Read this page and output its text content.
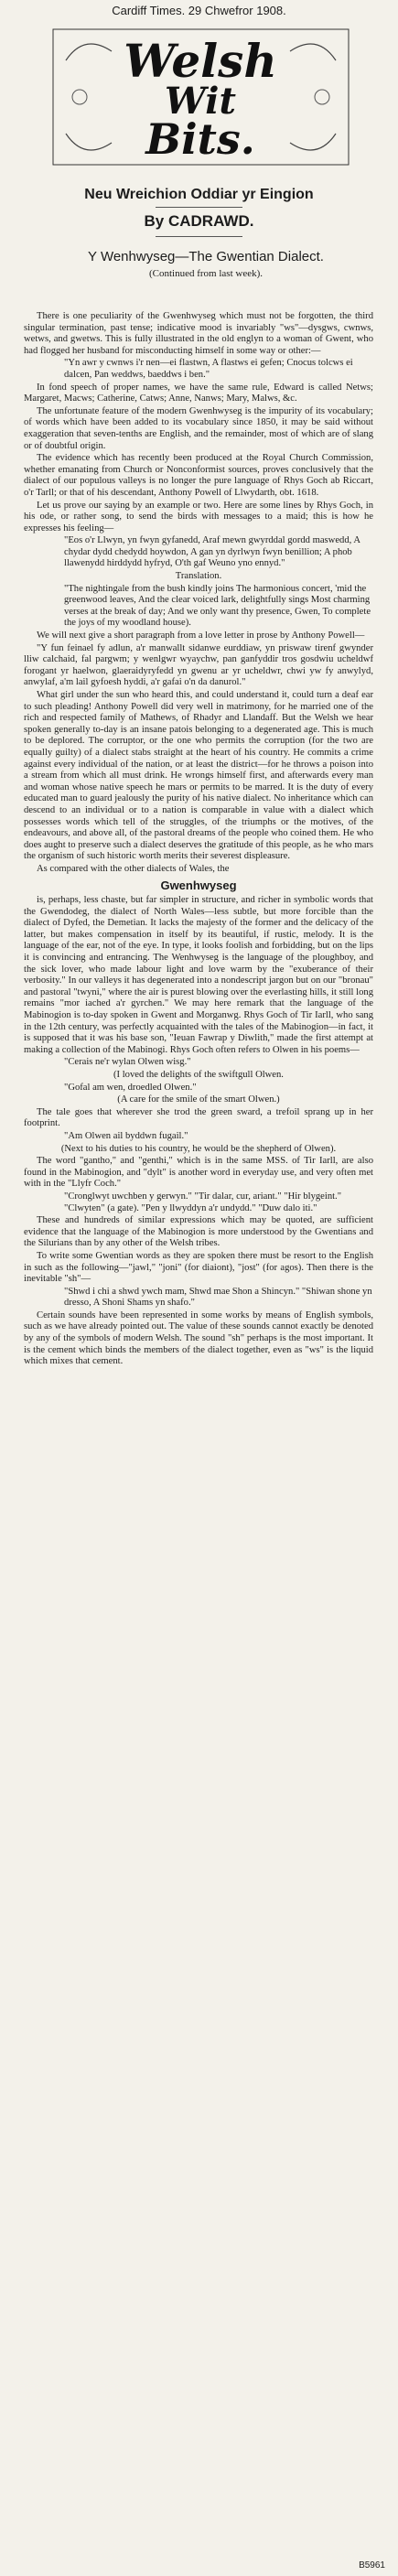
Cardiff Times. 29 Chwefror 1908.
Welsh
Wit
Bits.
Neu Wreichion Oddiar yr Eingion
By CADRAWD.
Y Wenhwyseg—The Gwentian Dialect.
(Continued from last week).

There is one peculiarity of the Gwenhwyseg which must not be forgotten, the third singular termination, past tense; indicative mood is invariably "ws"—dysgws, cwnws, wetws, and gwetws. This is fully illustrated in the old englyn to a woman of Gwent, who had flogged her husband for misconducting himself in some way or other:—

"Yn awr y cwnws i'r nen—ei flastwn, A flastws ei gefen; Cnocus tolcws ei dalcen, Pan weddws, baeddws i ben."

In fond speech of proper names, we have the same rule, Edward is called Netws; Margaret, Macws; Catherine, Catws; Anne, Nanws; Mary, Malws, &c.

The unfortunate feature of the modern Gwenhwyseg is the impurity of its vocabulary; of words which have been added to its vocabulary since 1850, it may be said without exaggeration that seven-tenths are English, and the remainder, most of which are of slang or of doubtful origin.

The evidence which has recently been produced at the Royal Church Commission, whether emanating from Church or Nonconformist sources, proves conclusively that the dialect of our populous valleys is no longer the pure language of Rhys Goch ab Riccart, o'r Tarll; or that of his descendant, Anthony Powell of Llwydarth, obt. 1618.

Let us prove our saying by an example or two. Here are some lines by Rhys Goch, in his ode, or rather song, to send the birds with messages to a maid; this is how he expresses his feeling—

"Eos o'r Llwyn, yn fwyn gyfanedd, Araf mewn gwyrddal gordd maswedd, A chydar dydd chedydd hoywdon, A gan yn dyrlwyn fwyn benillion; A phob llawenydd hirddydd hyfryd, O'th gaf Weuno yno ennyd."

Translation.

"The nightingale from the bush kindly joins The harmonious concert, 'mid the greenwood leaves, And the clear voiced lark, delightfully sings Most charming verses at the break of day; And we only want thy presence, Gwen, To complete the joys of my woodland house).

We will next give a short paragraph from a love letter in prose by Anthony Powell—

"Y fun feinael fy adlun, a'r manwallt sidanwe eurddiaw, yn priswaw tirenf gwynder lliw calchaid, fal pargwm; y wenlgwr wyaychw, pan ganfyddir tros gosdwiu ucheldwf forogant yr haelwon, glaeraidyryfedd yn gwenu ar yr ucheldwr, chwi yw fy anwylyd, anwylaf, a'm lail gyfoesh hyddi, a'r gafai o'n da danurol."

What girl under the sun who heard this, and could understand it, could turn a deaf ear to such pleading! Anthony Powell did very well in matrimony, for he married one of the rich and respected family of Mathews, of Rhadyr and Llandaff. But the Welsh we hear spoken generally to-day is an insane patois belonging to a degenerated age. This is much to be deplored. The corruptor, or the one who permits the corruption (for the two are equally guilty) of a dialect stabs straight at the heart of his country. He commits a crime against every individual of the nation, or at least the district—for he throws a poison into a stream from which all must drink. He wrongs himself first, and afterwards every man and woman whose native speech he mars or permits to be marred. It is the duty of every educated man to guard jealously the purity of his native dialect. No inheritance which can descend to an individual or to a nation is comparable in value with a dialect which possesses words which tell of the struggles, of the triumphs or the motives, of the endeavours, and above all, of the pastoral dreams of the people who coined them. He who does aught to preserve such a dialect deserves the gratitude of this people, as he who mars the organism of such historic worth merits their severest displeasure.

As compared with the other dialects of Wales, the

Gwenhwyseg

is, perhaps, less chaste, but far simpler in structure, and richer in symbolic words that the Gwendodeg, the dialect of North Wales—less subtle, but more forcible than the dialect of Dyfed, the Demetian. It lacks the majesty of the former and the delicacy of the latter, but makes compensation in itself by its beautiful, if rustic, melody. It is the language of the ear, not of the eye. In type, it looks foolish and forbidding, but on the lips it is convincing and entrancing. The Wenhwyseg is the language of the ploughboy, and the sick lover, who made labour light and love warm by the "exuberance of their verbosity." In our valleys it has degenerated into a nondescript jargon but on our "bronau" and pastoral "twyni," where the air is purest blowing over the everlasting hills, it still long remains "mor iached a'r gyrchen." We may here remark that the language of the Mabinogion is to-day spoken in Gwent and Morganwg. Rhys Goch of Tir Iarll, who sang in the 12th century, was perfectly acquainted with the tales of the Mabinogion—in fact, it is supposed that it was his base son, "Ieuan Fawrap y Diwlith," made the first attempt at making a collection of the Mabinogi. Rhys Goch often refers to Olwen in his poems—

"Cerais ne'r wylan Olwen wisg."

(I loved the delights of the swiftgull Olwen.

"Gofal am wen, droedled Olwen."

(A care for the smile of the smart Olwen.)

The tale goes that wherever she trod the green sward, a trefoil sprang up in her footprint.

"Am Olwen ail byddwn fugail."

(Next to his duties to his country, he would be the shepherd of Olwen).

The word "gantho," and "genthi," which is in the same MSS. of Tir Iarll, are also found in the Mabinogion, and "dylt" is another word in everyday use, and very often met with in the "Llyfr Coch."

"Cronglwyt uwchben y gerwyn." "Tir dalar, cur, ariant." "Hir blygeint." "Clwyten" (a gate). "Pen y llwyddyn a'r undydd." "Duw dalo iti."

These and hundreds of similar expressions which may be quoted, are sufficient evidence that the language of the Mabinogion is more understood by the Gwentians and the Silurians than by any other of the Welsh tribes.

To write some Gwentian words as they are spoken there must be resort to the English in such as the following—"jawl," "joni" (for diaiont), "jost" (for agos). Then there is the inevitable "sh"—

"Shwd i chi a shwd ywch mam, Shwd mae Shon a Shincyn." "Shiwan shone yn dresso, A Shoni Shams yn shafo."

Certain sounds have been represented in some works by means of English symbols, such as we have already pointed out. The value of these sounds cannot exactly be denoted by any of the symbols of modern Welsh. The sound "sh" perhaps is the most important. It is the cement which binds the members of the dialect together, even as "ws" is the liquid which mixes that cement.

B5961
